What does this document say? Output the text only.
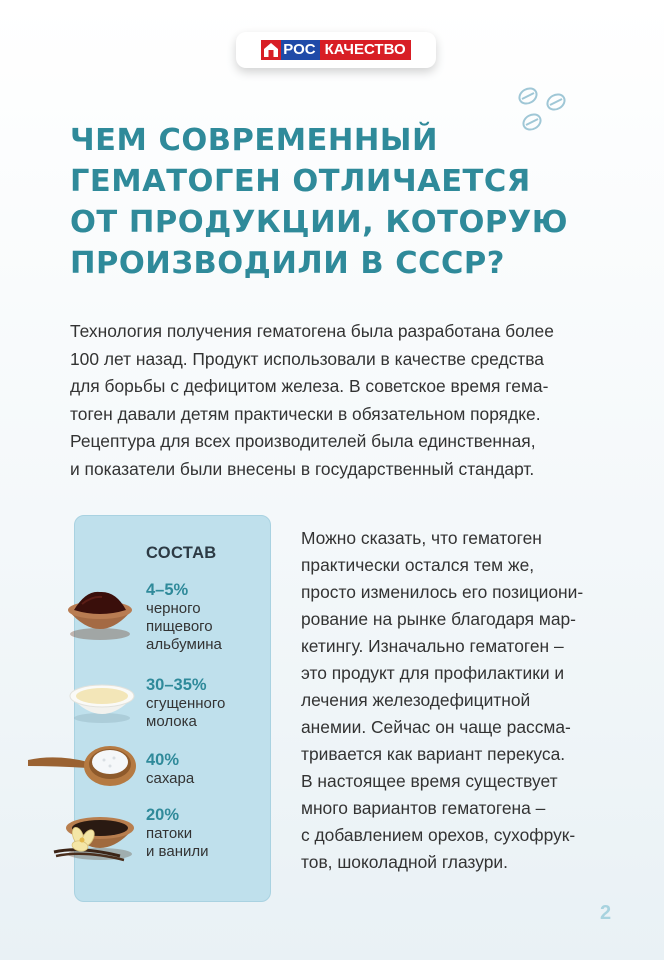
РОС КАЧЕСТВО
ЧЕМ СОВРЕМЕННЫЙ
ГЕМАТОГЕН ОТЛИЧАЕТСЯ
ОТ ПРОДУКЦИИ, КОТОРУЮ
ПРОИЗВОДИЛИ В СССР?

Технология получения гематогена была разработана более
100 лет назад. Продукт использовали в качестве средства
для борьбы с дефицитом железа. В советское время гема-
тоген давали детям практически в обязательном порядке.
Рецептура для всех производителей была единственная,
и показатели были внесены в государственный стандарт.

СОСТАВ
4–5%
черного
пищевого
альбумина
30–35%
сгущенного
молока
40%
сахара
20%
патоки
и ванили

Можно сказать, что гематоген
практически остался тем же,
просто изменилось его позициони-
рование на рынке благодаря мар-
кетингу. Изначально гематоген –
это продукт для профилактики и
лечения железодефицитной
анемии. Сейчас он чаще рассма-
тривается как вариант перекуса.
В настоящее время существует
много вариантов гематогена –
с добавлением орехов, сухофрук-
тов, шоколадной глазури.

2
